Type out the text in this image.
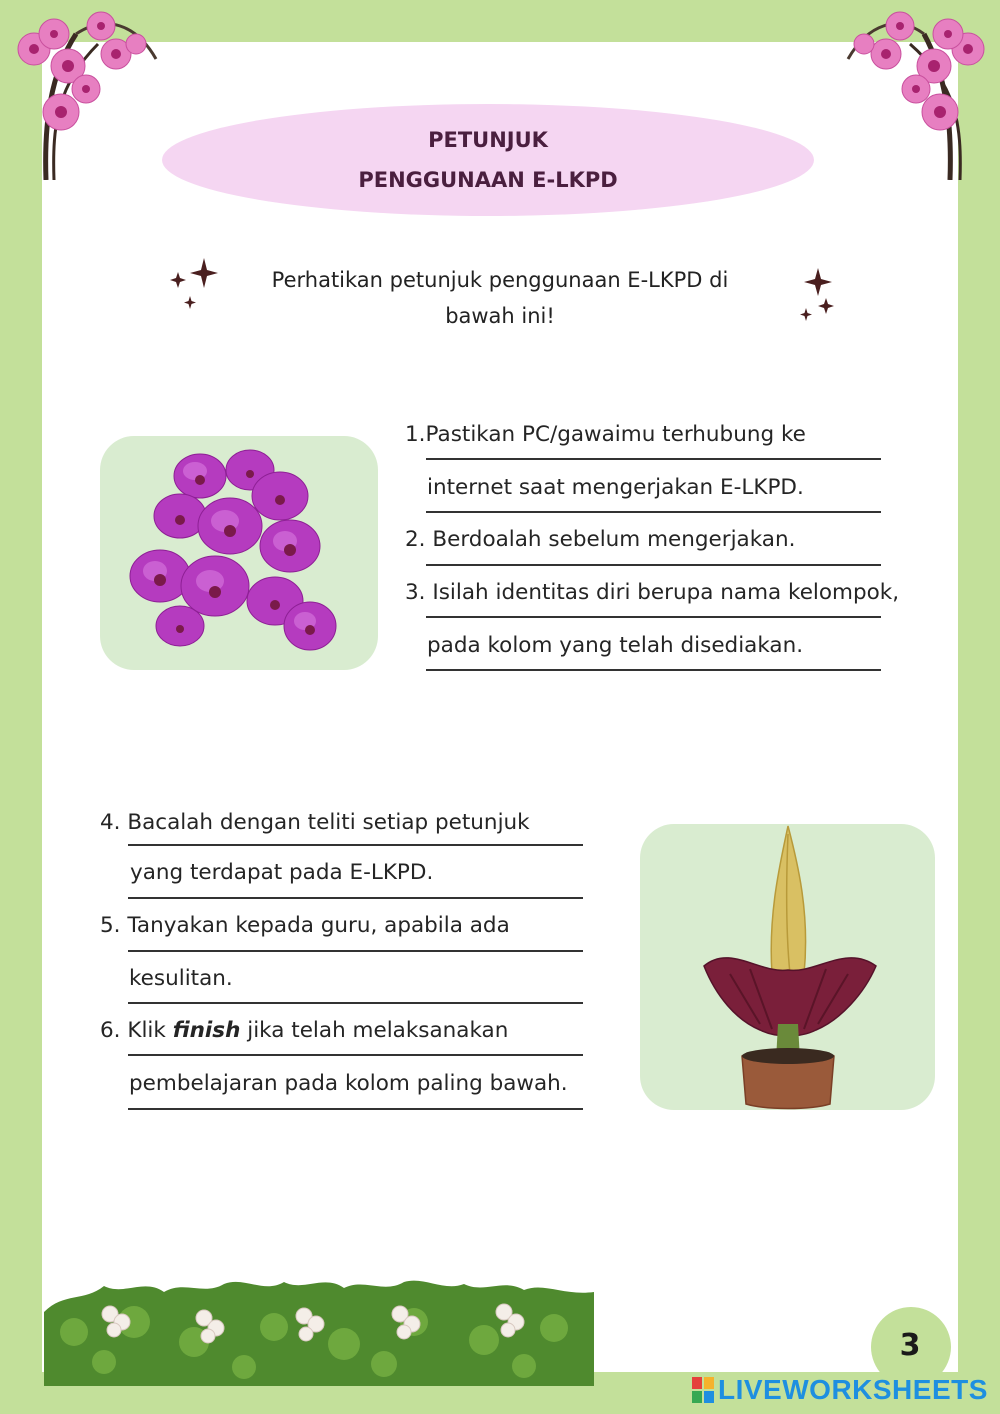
PETUNJUK
PENGGUNAAN E-LKPD
Perhatikan petunjuk penggunaan E-LKPD di
bawah ini!
1.Pastikan PC/gawaimu terhubung ke
internet saat mengerjakan E-LKPD.
2. Berdoalah sebelum mengerjakan.
3. Isilah identitas diri berupa nama kelompok,
pada kolom yang telah disediakan.
4. Bacalah dengan teliti setiap petunjuk
yang terdapat pada E-LKPD.
5. Tanyakan kepada guru, apabila ada
kesulitan.
6. Klik finish jika telah melaksanakan
pembelajaran pada kolom paling bawah.
3
LIVEWORKSHEETS
